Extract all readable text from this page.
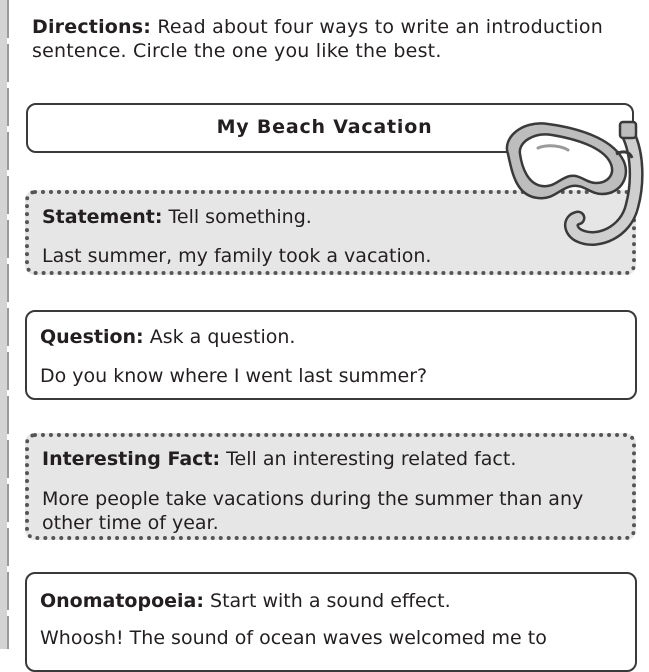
Directions: Read about four ways to write an introduction sentence. Circle the one you like the best.
My Beach Vacation
Statement: Tell something.
Last summer, my family took a vacation.
Question: Ask a question.
Do you know where I went last summer?
Interesting Fact: Tell an interesting related fact.
More people take vacations during the summer than any other time of year.
Onomatopoeia: Start with a sound effect.
Whoosh! The sound of ocean waves welcomed me to
